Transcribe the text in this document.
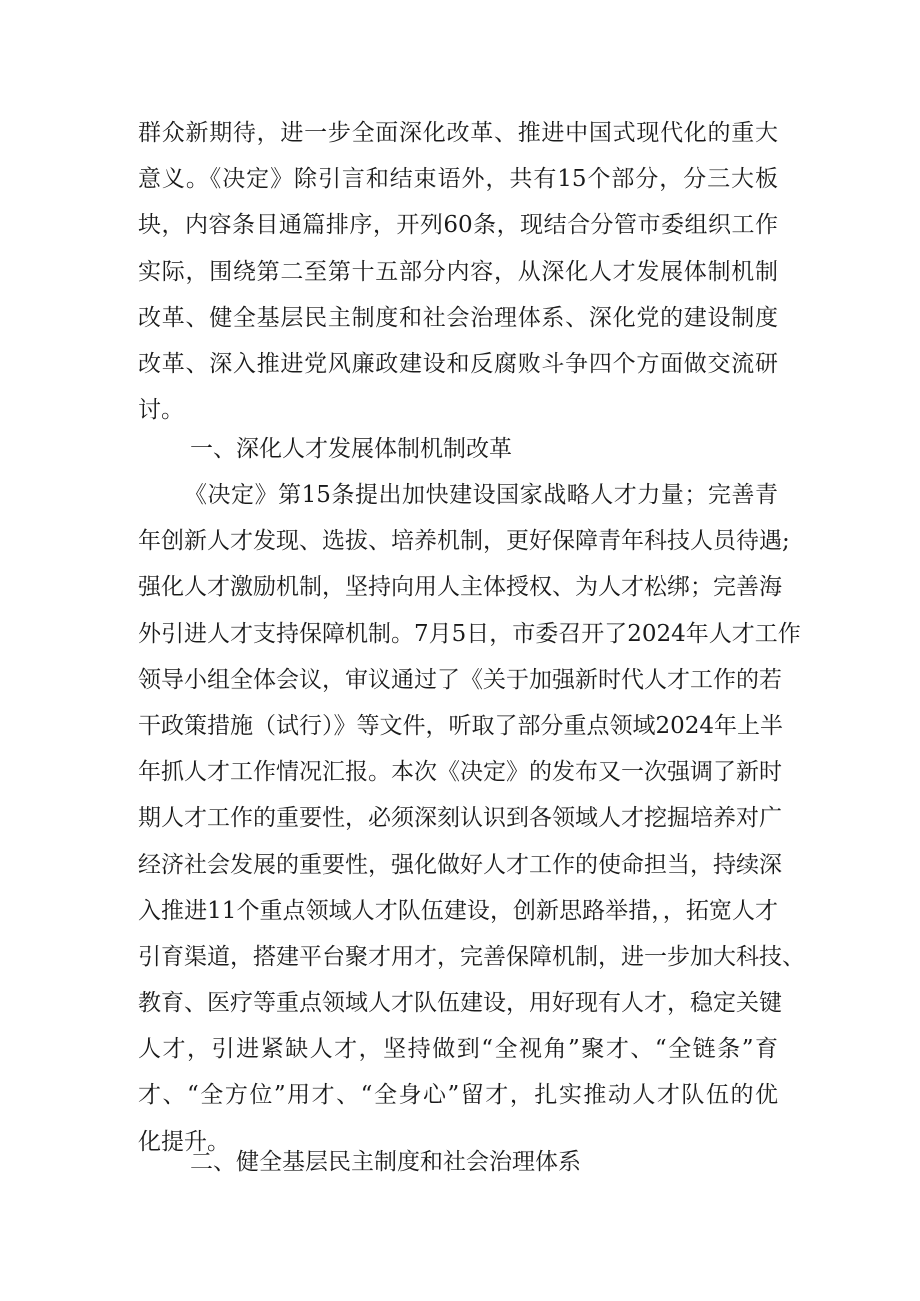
群众新期待，进一步全面深化改革、推进中国式现代化的重大
意义。《决定》除引言和结束语外，共有15个部分，分三大板
块，内容条目通篇排序，开列60条，现结合分管市委组织工作
实际，围绕第二至第十五部分内容，从深化人才发展体制机制
改革、健全基层民主制度和社会治理体系、深化党的建设制度
改革、深入推进党风廉政建设和反腐败斗争四个方面做交流研
讨。
一、深化人才发展体制机制改革
《决定》第15条提出加快建设国家战略人才力量；完善青
年创新人才发现、选拔、培养机制，更好保障青年科技人员待遇;
强化人才激励机制，坚持向用人主体授权、为人才松绑；完善海
外引进人才支持保障机制。7月5日，市委召开了2024年人才工作
领导小组全体会议，审议通过了《关于加强新时代人才工作的若
干政策措施（试行）》等文件，听取了部分重点领域2024年上半
年抓人才工作情况汇报。本次《决定》的发布又一次强调了新时
期人才工作的重要性，必须深刻认识到各领域人才挖掘培养对广
经济社会发展的重要性，强化做好人才工作的使命担当，持续深
入推进11个重点领域人才队伍建设，创新思路举措，，拓宽人才
引育渠道，搭建平台聚才用才，完善保障机制，进一步加大科技、
教育、医疗等重点领域人才队伍建设，用好现有人才，稳定关键
人才，引进紧缺人才，坚持做到“全视角”聚才、“全链条”育
才、“全方位”用才、“全身心”留才，扎实推动人才队伍的优
化提升。
二、健全基层民主制度和社会治理体系
